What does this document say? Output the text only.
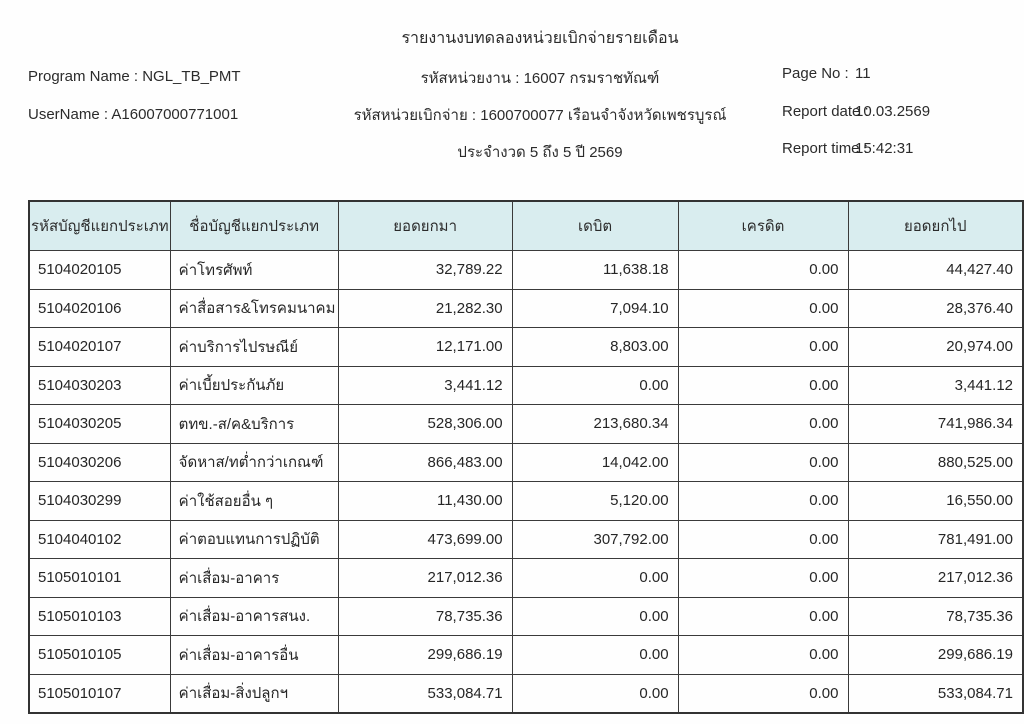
รายงานงบทดลองหน่วยเบิกจ่ายรายเดือน
Program Name : NGL_TB_PMT
UserName : A16007000771001
รหัสหน่วยงาน : 16007 กรมราชทัณฑ์
รหัสหน่วยเบิกจ่าย : 1600700077 เรือนจำจังหวัดเพชรบูรณ์
ประจำงวด 5 ถึง 5 ปี 2569
Page No : 11
Report date :
10.03.2569
Report time :
15:42:31
รหัสบัญชีแยกประเภท	ชื่อบัญชีแยกประเภท	ยอดยกมา	เดบิต	เครดิต	ยอดยกไป
5104020105	ค่าโทรศัพท์	32,789.22	11,638.18	0.00	44,427.40
5104020106	ค่าสื่อสาร&โทรคมนาคม	21,282.30	7,094.10	0.00	28,376.40
5104020107	ค่าบริการไปรษณีย์	12,171.00	8,803.00	0.00	20,974.00
5104030203	ค่าเบี้ยประกันภัย	3,441.12	0.00	0.00	3,441.12
5104030205	ตทข.-ส/ค&บริการ	528,306.00	213,680.34	0.00	741,986.34
5104030206	จัดหาส/ทต่ำกว่าเกณฑ์	866,483.00	14,042.00	0.00	880,525.00
5104030299	ค่าใช้สอยอื่น ๆ	11,430.00	5,120.00	0.00	16,550.00
5104040102	ค่าตอบแทนการปฏิบัติ	473,699.00	307,792.00	0.00	781,491.00
5105010101	ค่าเสื่อม-อาคาร	217,012.36	0.00	0.00	217,012.36
5105010103	ค่าเสื่อม-อาคารสนง.	78,735.36	0.00	0.00	78,735.36
5105010105	ค่าเสื่อม-อาคารอื่น	299,686.19	0.00	0.00	299,686.19
5105010107	ค่าเสื่อม-สิ่งปลูกฯ	533,084.71	0.00	0.00	533,084.71
